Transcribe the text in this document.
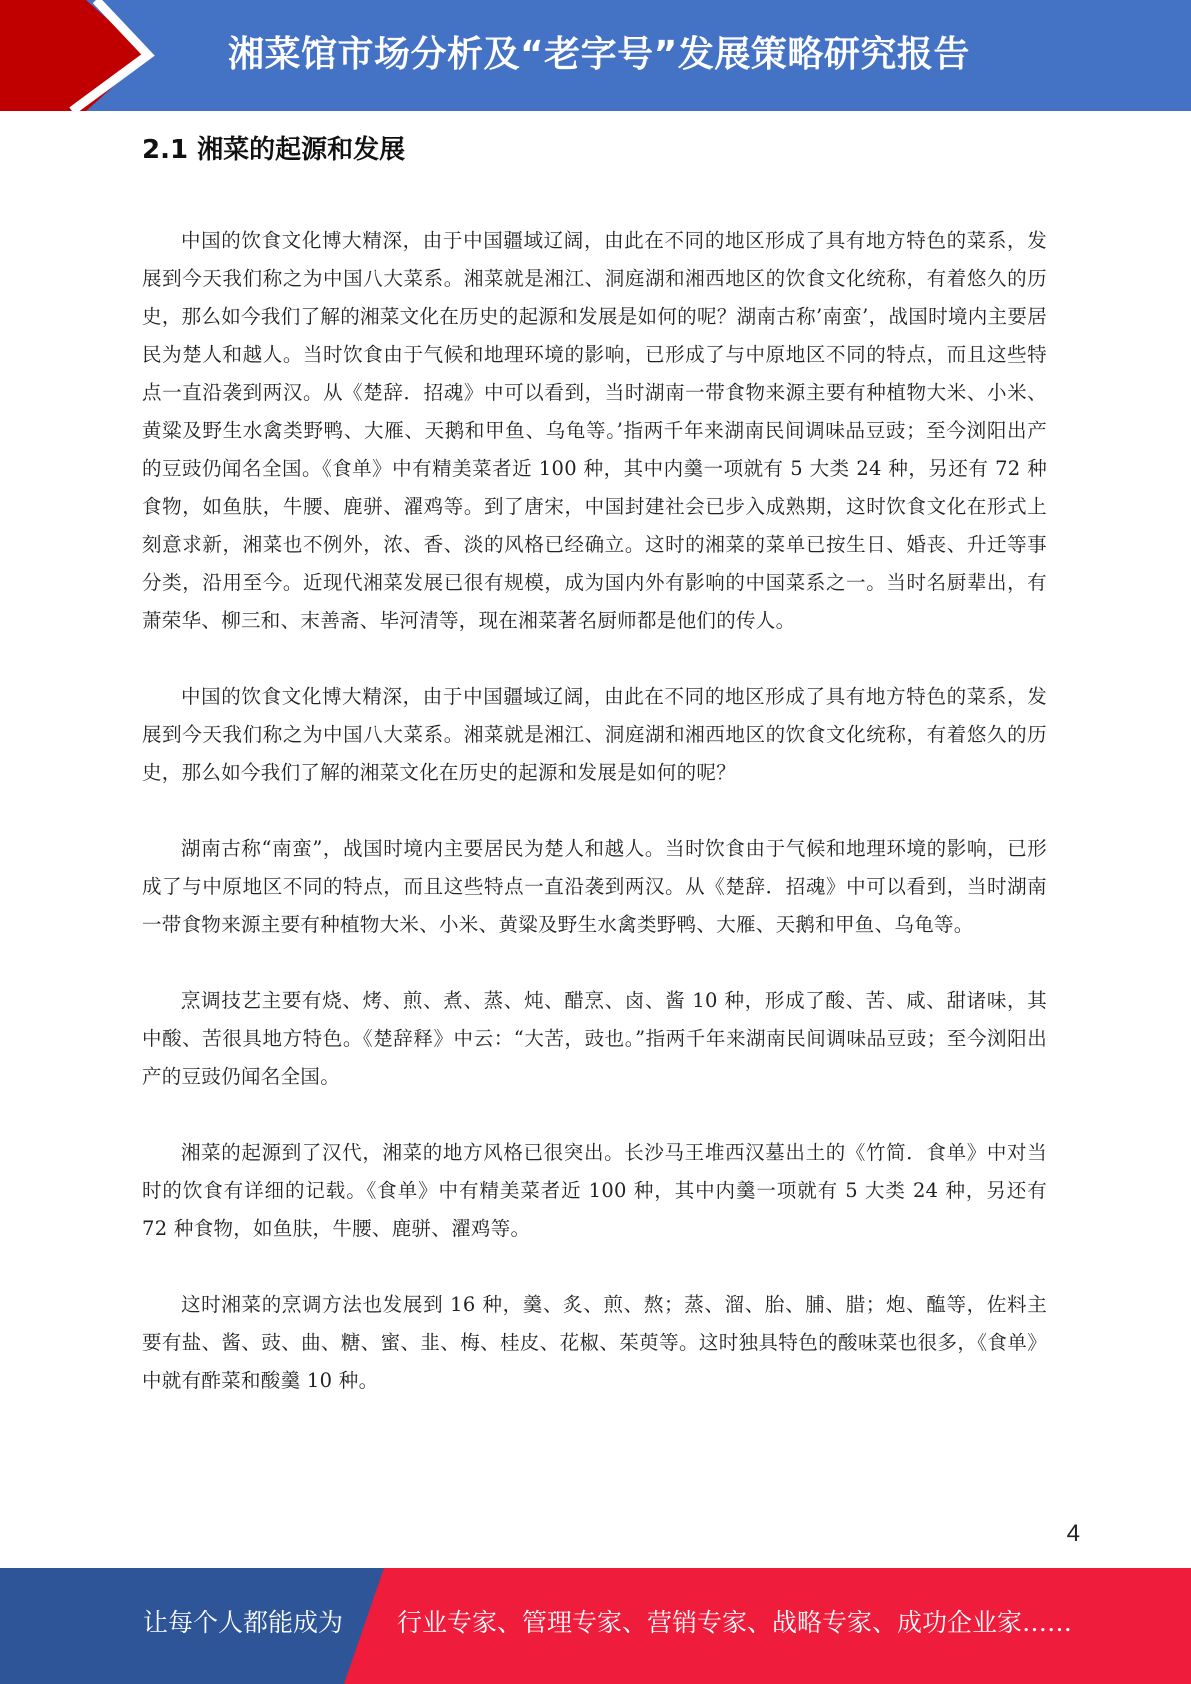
湘菜馆市场分析及“老字号”发展策略研究报告
2.1 湘菜的起源和发展

中国的饮食文化博大精深，由于中国疆域辽阔，由此在不同的地区形成了具有地方特色的菜系，发展到今天我们称之为中国八大菜系。湘菜就是湘江、洞庭湖和湘西地区的饮食文化统称，有着悠久的历史，那么如今我们了解的湘菜文化在历史的起源和发展是如何的呢？湖南古称’南蛮’，战国时境内主要居民为楚人和越人。当时饮食由于气候和地理环境的影响，已形成了与中原地区不同的特点，而且这些特点一直沿袭到两汉。从《楚辞．招魂》中可以看到，当时湖南一带食物来源主要有种植物大米、小米、黄粱及野生水禽类野鸭、大雁、天鹅和甲鱼、乌龟等。’指两千年来湖南民间调味品豆豉；至今浏阳出产的豆豉仍闻名全国。《食单》中有精美菜者近 100 种，其中内羹一项就有 5 大类 24 种，另还有 72 种食物，如鱼肤，牛腰、鹿骈、濯鸡等。到了唐宋，中国封建社会已步入成熟期，这时饮食文化在形式上刻意求新，湘菜也不例外，浓、香、淡的风格已经确立。这时的湘菜的菜单已按生日、婚丧、升迁等事分类，沿用至今。近现代湘菜发展已很有规模，成为国内外有影响的中国菜系之一。当时名厨辈出，有萧荣华、柳三和、末善斋、毕河清等，现在湘菜著名厨师都是他们的传人。

中国的饮食文化博大精深，由于中国疆域辽阔，由此在不同的地区形成了具有地方特色的菜系，发展到今天我们称之为中国八大菜系。湘菜就是湘江、洞庭湖和湘西地区的饮食文化统称，有着悠久的历史，那么如今我们了解的湘菜文化在历史的起源和发展是如何的呢？

湖南古称“南蛮”，战国时境内主要居民为楚人和越人。当时饮食由于气候和地理环境的影响，已形成了与中原地区不同的特点，而且这些特点一直沿袭到两汉。从《楚辞．招魂》中可以看到，当时湖南一带食物来源主要有种植物大米、小米、黄粱及野生水禽类野鸭、大雁、天鹅和甲鱼、乌龟等。

烹调技艺主要有烧、烤、煎、煮、蒸、炖、醋烹、卤、酱 10 种，形成了酸、苦、咸、甜诸味，其中酸、苦很具地方特色。《楚辞释》中云：“大苦，豉也。”指两千年来湖南民间调味品豆豉；至今浏阳出产的豆豉仍闻名全国。

湘菜的起源到了汉代，湘菜的地方风格已很突出。长沙马王堆西汉墓出土的《竹简．食单》中对当时的饮食有详细的记载。《食单》中有精美菜者近 100 种，其中内羹一项就有 5 大类 24 种，另还有 72 种食物，如鱼肤，牛腰、鹿骈、濯鸡等。

这时湘菜的烹调方法也发展到 16 种，羹、炙、煎、熬；蒸、溜、胎、脯、腊；炮、醢等，佐料主要有盐、酱、豉、曲、糖、蜜、韭、梅、桂皮、花椒、茱萸等。这时独具特色的酸味菜也很多，《食单》中就有酢菜和酸羹 10 种。

4
让每个人都能成为 行业专家、管理专家、营销专家、战略专家、成功企业家……
